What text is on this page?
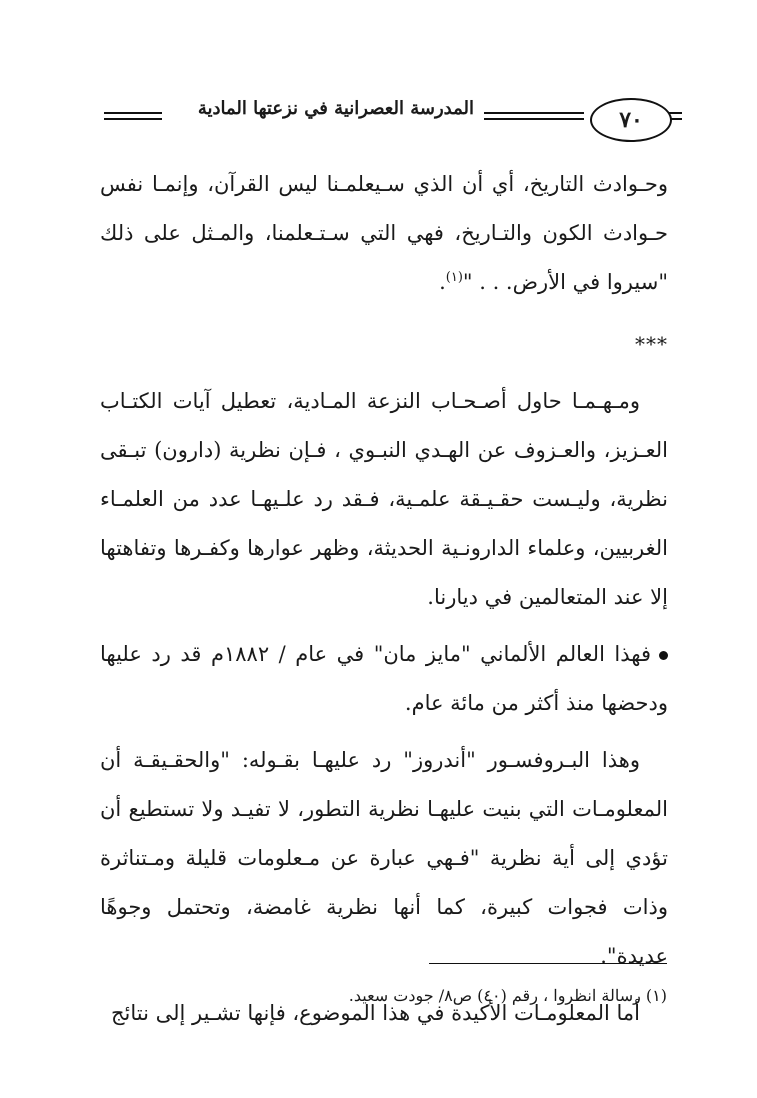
٧٠
المدرسة العصرانية في نزعتها المادية

وحـوادث التاريخ، أي أن الذي سـيعلمـنا ليس القرآن، وإنمـا نفس حـوادث الكون والتـاريخ، فهي التي سـتـعلمنا، والمـثل على ذلك "سيروا في الأرض. . . "$^{(١)}$.

***

ومـهـمـا حاول أصـحـاب النزعة المـادية، تعطيل آيات الكتـاب العـزيز، والعـزوف عن الهـدي النبـوي ، فـإن نظرية (دارون) تبـقى نظرية، وليـست حقـيـقة علمـية، فـقد رد علـيهـا عدد من العلمـاء الغربيين، وعلماء الدارونـية الحديثة، وظهر عوارها وكفـرها وتفاهتها إلا عند المتعالمين في ديارنا.

فهذا العالم الألماني "مايز مان" في عام / ١٨٨٢م قد رد عليها ودحضها منذ أكثر من مائة عام.

وهذا البـروفسـور "أندروز" رد عليهـا بقـوله: "والحقـيقـة أن المعلومـات التي بنيت عليهـا نظرية التطور، لا تفيـد ولا تستطيع أن تؤدي إلى أية نظرية "فـهي عبارة عن مـعلومات قليلة ومـتناثرة وذات فجوات كبيرة، كما أنها نظرية غامضة، وتحتمل وجوهًا عديدة".

أما المعلومـات الأكيدة في هذا الموضوع، فإنها تشـير إلى نتائج

(١) رسالة انظروا ، رقم (٤٠) ص٨/ جودت سعيد.
